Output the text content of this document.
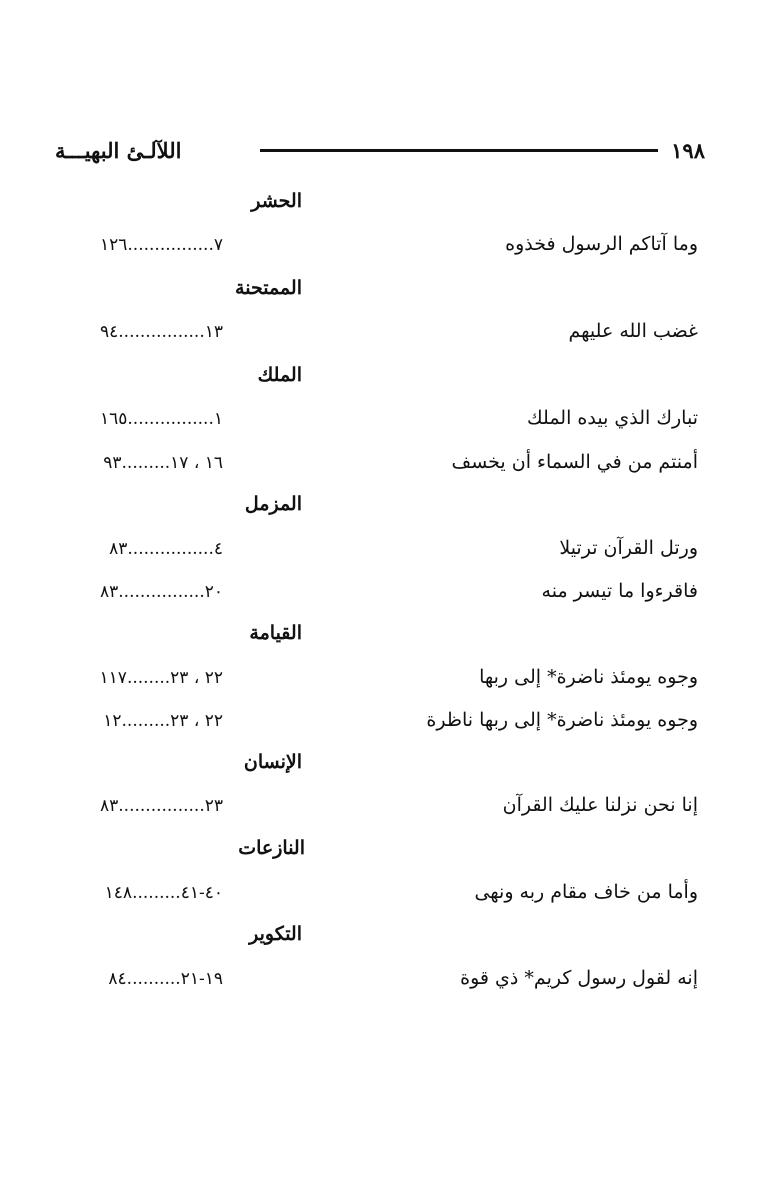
اللآلـئ البهيـــة	١٩٨
الحشر
وما آتاكم الرسول فخذوه
٧................١٢٦
الممتحنة
غضب الله عليهم
١٣................٩٤
الملك
تبارك الذي بيده الملك
١................١٦٥
أمنتم من في السماء أن يخسف
١٦ ، ١٧.........٩٣
المزمل
ورتل القرآن ترتيلا
٤................٨٣
فاقرءوا ما تيسر منه
٢٠................٨٣
القيامة
وجوه يومئذ ناضرة* إلى ربها
٢٢ ، ٢٣........١١٧
وجوه يومئذ ناضرة* إلى ربها ناظرة
٢٢ ، ٢٣.........١٢
الإنسان
إنا نحن نزلنا عليك القرآن
٢٣................٨٣
النازعات
وأما من خاف مقام ربه ونهى
٤٠-٤١.........١٤٨
التكوير
إنه لقول رسول كريم* ذي قوة
١٩-٢١..........٨٤
